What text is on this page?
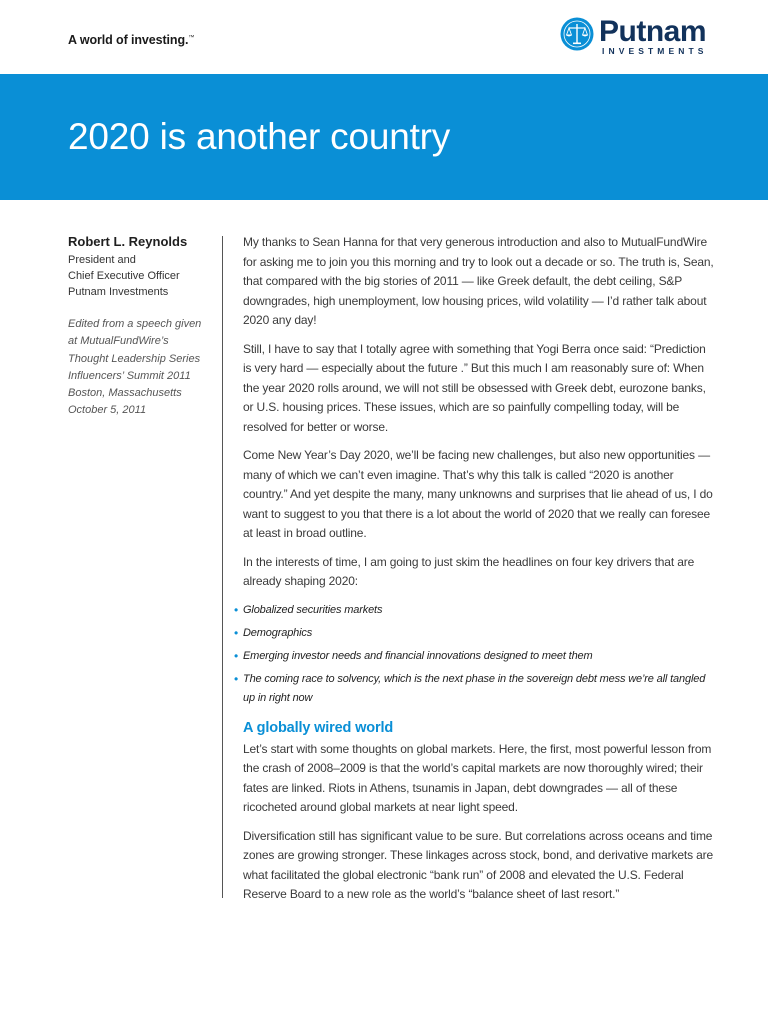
A world of investing.™	Putnam
INVESTMENTS
2020 is another country
Robert L. Reynolds
President and
Chief Executive Officer
Putnam Investments
Edited from a speech given
at MutualFundWire’s
Thought Leadership Series
Influencers’ Summit 2011
Boston, Massachusetts
October 5, 2011

My thanks to Sean Hanna for that very generous introduction and also to MutualFundWire for asking me to join you this morning and try to look out a decade or so. The truth is, Sean, that compared with the big stories of 2011 — like Greek default, the debt ceiling, S&P downgrades, high unemployment, low housing prices, wild volatility — I’d rather talk about 2020 any day!

Still, I have to say that I totally agree with something that Yogi Berra once said: “Prediction is very hard — especially about the future .” But this much I am reasonably sure of: When the year 2020 rolls around, we will not still be obsessed with Greek debt, eurozone banks, or U.S. housing prices. These issues, which are so painfully compelling today, will be resolved for better or worse.

Come New Year’s Day 2020, we’ll be facing new challenges, but also new opportunities — many of which we can’t even imagine. That’s why this talk is called “2020 is another country.” And yet despite the many, many unknowns and surprises that lie ahead of us, I do want to suggest to you that there is a lot about the world of 2020 that we really can foresee at least in broad outline.

In the interests of time, I am going to just skim the headlines on four key drivers that are already shaping 2020:

• Globalized securities markets
• Demographics
• Emerging investor needs and financial innovations designed to meet them
• The coming race to solvency, which is the next phase in the sovereign debt mess we’re all tangled up in right now
A globally wired world

Let’s start with some thoughts on global markets. Here, the first, most powerful lesson from the crash of 2008–2009 is that the world’s capital markets are now thoroughly wired; their fates are linked. Riots in Athens, tsunamis in Japan, debt downgrades — all of these ricocheted around global markets at near light speed.

Diversification still has significant value to be sure. But correlations across oceans and time zones are growing stronger. These linkages across stock, bond, and derivative markets are what facilitated the global electronic “bank run” of 2008 and elevated the U.S. Federal Reserve Board to a new role as the world’s “balance sheet of last resort.”
